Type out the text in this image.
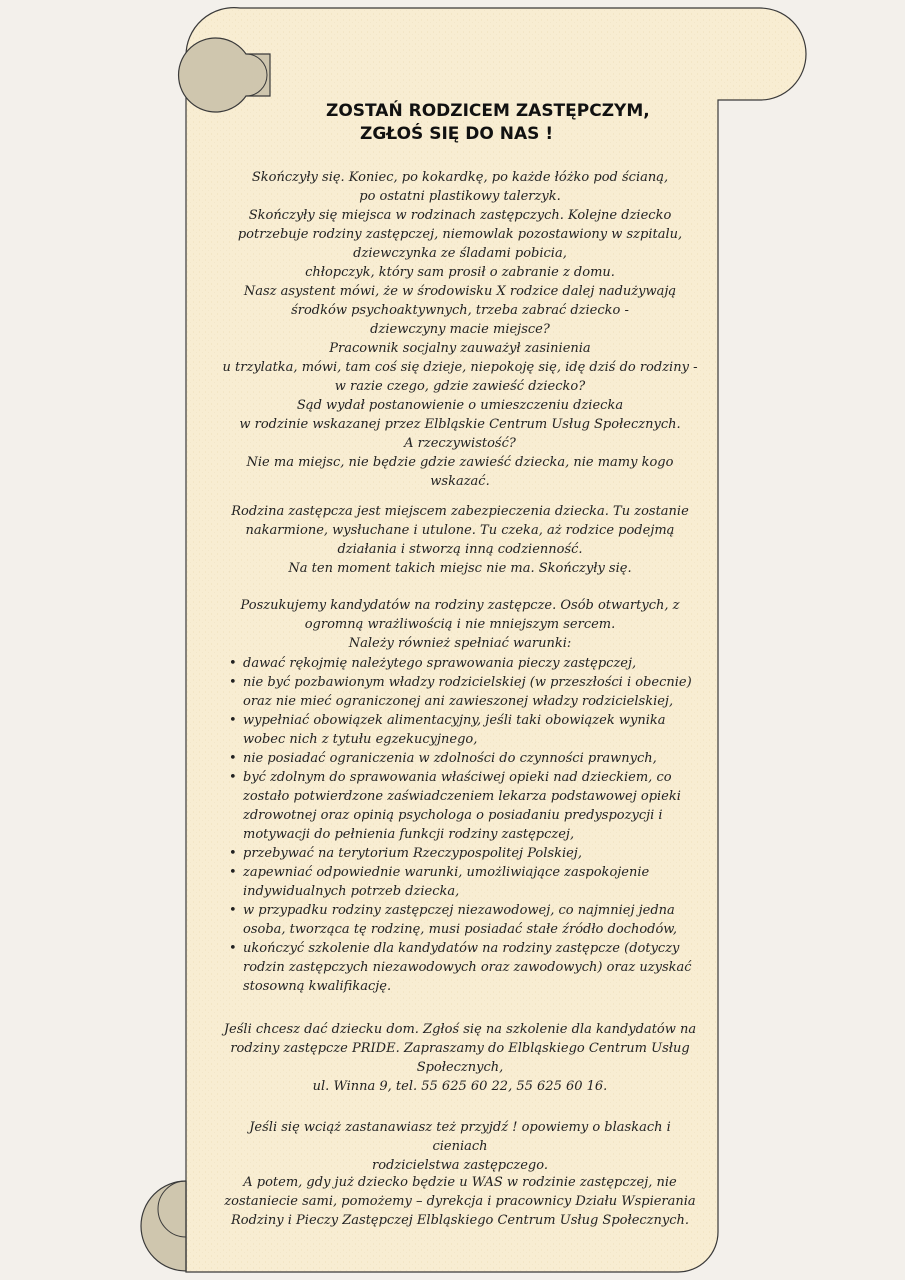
ZOSTAŃ RODZICEM ZASTĘPCZYM,
ZGŁOŚ SIĘ DO NAS !

Skończyły się. Koniec, po kokardkę, po każde łóżko pod ścianą,
po ostatni plastikowy talerzyk.
Skończyły się miejsca w rodzinach zastępczych. Kolejne dziecko
potrzebuje rodziny zastępczej, niemowlak pozostawiony w szpitalu,
dziewczynka ze śladami pobicia,
chłopczyk, który sam prosił o zabranie z domu.
Nasz asystent mówi, że w środowisku X rodzice dalej nadużywają
środków psychoaktywnych, trzeba zabrać dziecko -
dziewczyny macie miejsce?
Pracownik socjalny zauważył zasinienia
u trzylatka, mówi, tam coś się dzieje, niepokoję się, idę dziś do rodziny -
w razie czego, gdzie zawieść dziecko?
Sąd wydał postanowienie o umieszczeniu dziecka
w rodzinie wskazanej przez Elbląskie Centrum Usług Społecznych.
A rzeczywistość?
Nie ma miejsc, nie będzie gdzie zawieść dziecka, nie mamy kogo wskazać.

Rodzina zastępcza jest miejscem zabezpieczenia dziecka. Tu zostanie
nakarmione, wysłuchane i utulone. Tu czeka, aż rodzice podejmą
działania i stworzą inną codzienność.
Na ten moment takich miejsc nie ma. Skończyły się.

Poszukujemy kandydatów na rodziny zastępcze. Osób otwartych, z
ogromną wrażliwością i nie mniejszym sercem.
Należy również spełniać warunki:

• dawać rękojmię należytego sprawowania pieczy zastępczej,
• nie być pozbawionym władzy rodzicielskiej (w przeszłości i obecnie) oraz nie mieć ograniczonej ani zawieszonej władzy rodzicielskiej,
• wypełniać obowiązek alimentacyjny, jeśli taki obowiązek wynika wobec nich z tytułu egzekucyjnego,
• nie posiadać ograniczenia w zdolności do czynności prawnych,
• być zdolnym do sprawowania właściwej opieki nad dzieckiem, co zostało potwierdzone zaświadczeniem lekarza podstawowej opieki zdrowotnej oraz opinią psychologa o posiadaniu predyspozycji i motywacji do pełnienia funkcji rodziny zastępczej,
• przebywać na terytorium Rzeczypospolitej Polskiej,
• zapewniać odpowiednie warunki, umożliwiające zaspokojenie indywidualnych potrzeb dziecka,
• w przypadku rodziny zastępczej niezawodowej, co najmniej jedna osoba, tworząca tę rodzinę, musi posiadać stałe źródło dochodów,
• ukończyć szkolenie dla kandydatów na rodziny zastępcze (dotyczy rodzin zastępczych niezawodowych oraz zawodowych) oraz uzyskać stosowną kwalifikację.

Jeśli chcesz dać dziecku dom. Zgłoś się na szkolenie dla kandydatów na
rodziny zastępcze PRIDE. Zapraszamy do Elbląskiego Centrum Usług
Społecznych,
ul. Winna 9, tel. 55 625 60 22, 55 625 60 16.

Jeśli się wciąż zastanawiasz też przyjdź ! opowiemy o blaskach i cieniach
rodzicielstwa zastępczego.

A potem, gdy już dziecko będzie u WAS w rodzinie zastępczej, nie
zostaniecie sami, pomożemy – dyrekcja i pracownicy Działu Wspierania
Rodziny i Pieczy Zastępczej Elbląskiego Centrum Usług Społecznych.
